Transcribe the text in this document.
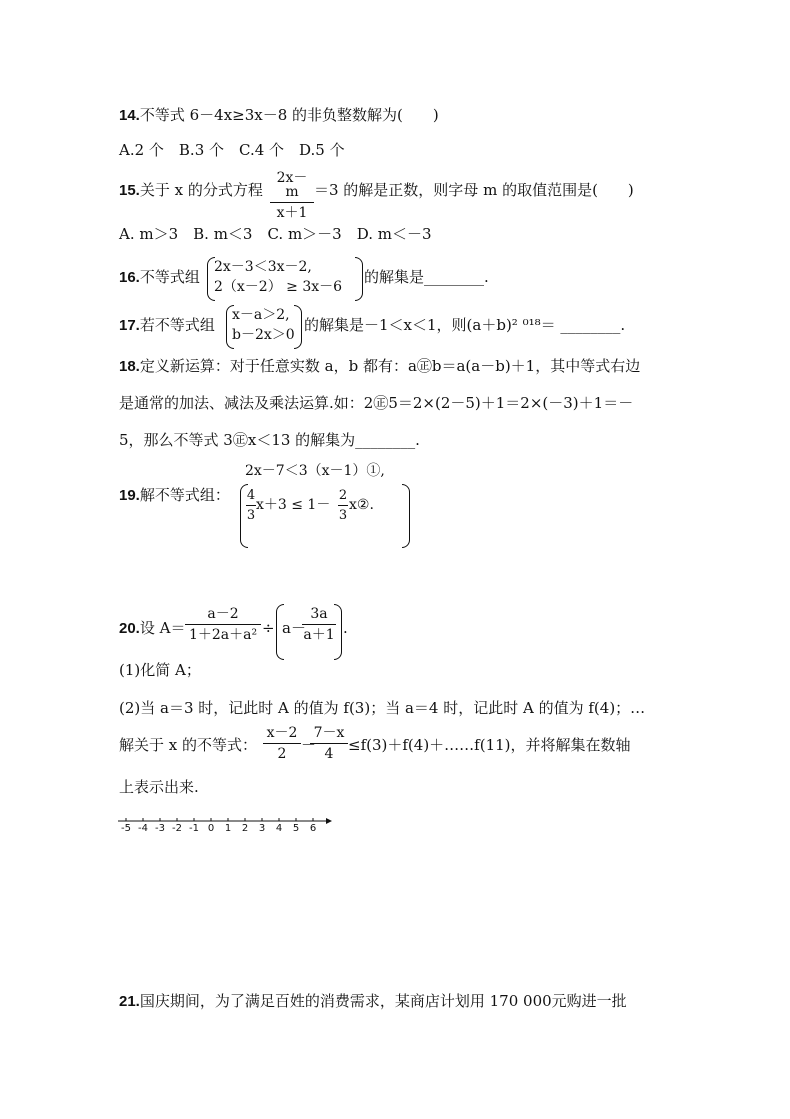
14.不等式 6－4x≥3x－8 的非负整数解为(　　)
A.2 个　B.3 个　C.4 个　D.5 个
15.关于 x 的分式方程
2x－m
x＋1
＝3 的解是正数，则字母 m 的取值范围是(　　)
A. m＞3　B. m＜3　C. m＞－3　D. m＜－3
16.不等式组
2x－3＜3x－2,
2（x－2） ≥ 3x－6
的解集是________.
17.若不等式组
x－a＞2,
b－2x＞0
的解集是－1＜x＜1，则(a＋b)² ⁰¹⁸＝ ________.
18.定义新运算：对于任意实数 a，b 都有：a㊣b＝a(a－b)＋1，其中等式右边
是通常的加法、减法及乘法运算.如：2㊣5＝2×(2－5)＋1＝2×(－3)＋1＝－
5，那么不等式 3㊣x＜13 的解集为________.
19.解不等式组：
2x－7＜3（x－1）①,
4
3
x＋3 ≤ 1－
2
3
x②.
20.设 A＝
a－2
1＋2a＋a² ÷ a－
3a
a＋1 .
(1)化简 A；
(2)当 a＝3 时，记此时 A 的值为 f(3)；当 a＝4 时，记此时 A 的值为 f(4)；…
解关于 x 的不等式：
x－2
2 －
7－x
4 ≤f(3)＋f(4)＋……f(11)，并将解集在数轴
上表示出来.
-5 -4 -3 -2 -1 0 1 2 3 4 5 6
21.国庆期间，为了满足百姓的消费需求，某商店计划用 170 000元购进一批
